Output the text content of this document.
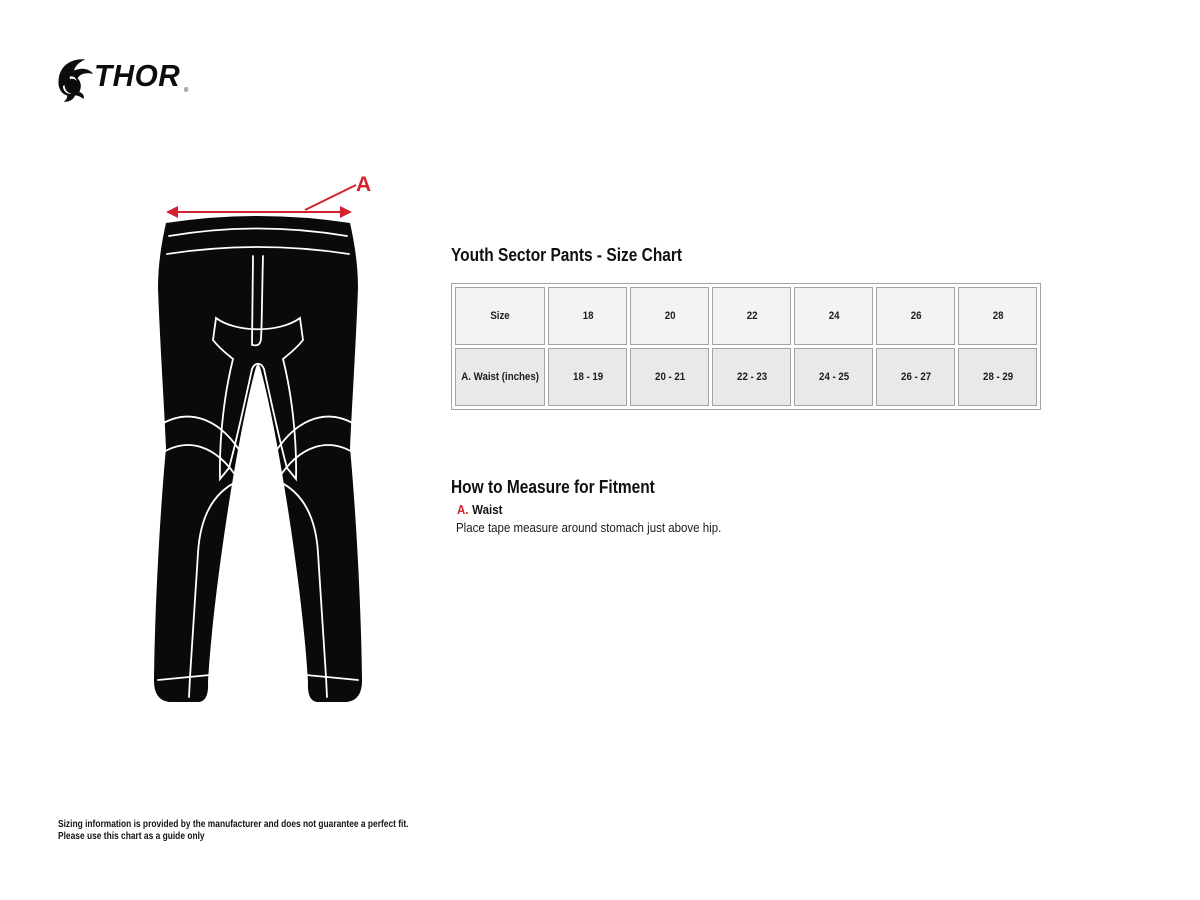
THOR ®
A
Youth Sector Pants - Size Chart
Size	18	20	22	24	26	28
A. Waist (inches)	18 - 19	20 - 21	22 - 23	24 - 25	26 - 27	28 - 29
How to Measure for Fitment
A. Waist
Place tape measure around stomach just above hip.
Sizing information is provided by the manufacturer and does not guarantee a perfect fit.
Please use this chart as a guide only
